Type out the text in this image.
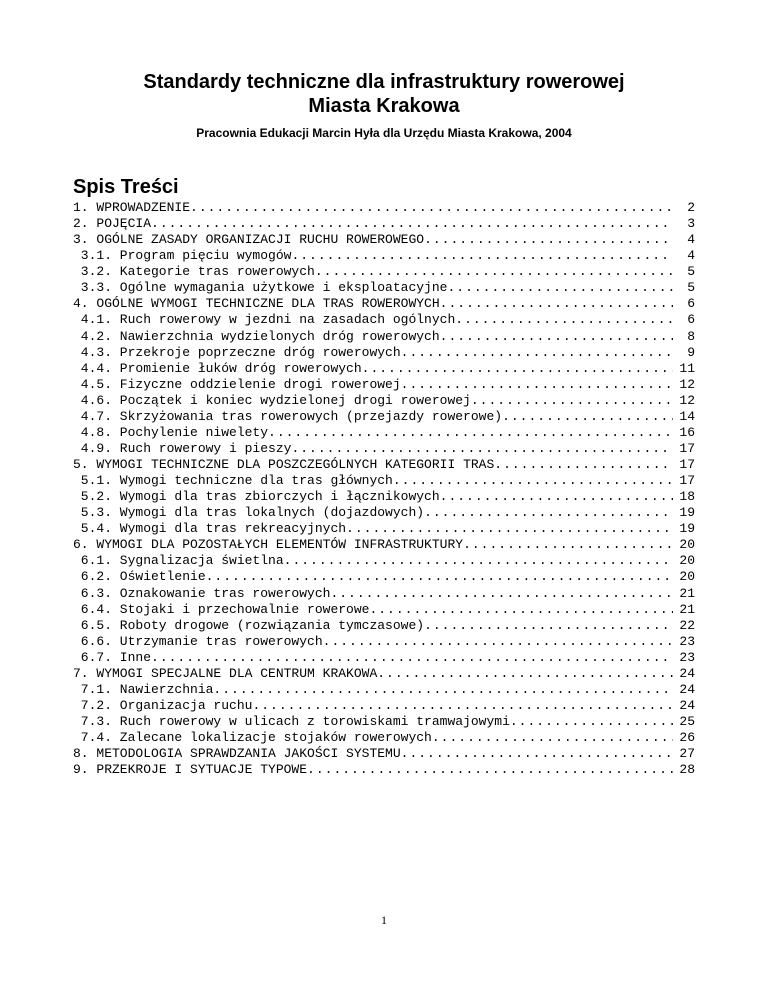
Standardy techniczne dla infrastruktury rowerowej
Miasta Krakowa

Pracownia Edukacji Marcin Hyła dla Urzędu Miasta Krakowa, 2004

Spis Treści
1. WPROWADZENIE .....	2
2. POJĘCIA .....	3
3. OGÓLNE ZASADY ORGANIZACJI RUCHU ROWEROWEGO .....	4
3.1. Program pięciu wymogów .....	4
3.2. Kategorie tras rowerowych .....	5
3.3. Ogólne wymagania użytkowe i eksploatacyjne .....	5
4. OGÓLNE WYMOGI TECHNICZNE DLA TRAS ROWEROWYCH .....	6
4.1. Ruch rowerowy w jezdni na zasadach ogólnych .....	6
4.2. Nawierzchnia wydzielonych dróg rowerowych .....	8
4.3. Przekroje poprzeczne dróg rowerowych .....	9
4.4. Promienie łuków dróg rowerowych .....	11
4.5. Fizyczne oddzielenie drogi rowerowej .....	12
4.6. Początek i koniec wydzielonej drogi rowerowej .....	12
4.7. Skrzyżowania tras rowerowych (przejazdy rowerowe) .....	14
4.8. Pochylenie niwelety .....	16
4.9. Ruch rowerowy i pieszy .....	17
5. WYMOGI TECHNICZNE DLA POSZCZEGÓLNYCH KATEGORII TRAS .....	17
5.1. Wymogi techniczne dla tras głównych .....	17
5.2. Wymogi dla tras zbiorczych i łącznikowych .....	18
5.3. Wymogi dla tras lokalnych (dojazdowych) .....	19
5.4. Wymogi dla tras rekreacyjnych .....	19
6. WYMOGI DLA POZOSTAŁYCH ELEMENTÓW INFRASTRUKTURY .....	20
6.1. Sygnalizacja świetlna .....	20
6.2. Oświetlenie .....	20
6.3. Oznakowanie tras rowerowych .....	21
6.4. Stojaki i przechowalnie rowerowe .....	21
6.5. Roboty drogowe (rozwiązania tymczasowe) .....	22
6.6. Utrzymanie tras rowerowych .....	23
6.7. Inne .....	23
7. WYMOGI SPECJALNE DLA CENTRUM KRAKOWA .....	24
7.1. Nawierzchnia .....	24
7.2. Organizacja ruchu .....	24
7.3. Ruch rowerowy w ulicach z torowiskami tramwajowymi .....	25
7.4. Zalecane lokalizacje stojaków rowerowych .....	26
8. METODOLOGIA SPRAWDZANIA JAKOŚCI SYSTEMU .....	27
9. PRZEKROJE I SYTUACJE TYPOWE .....	28

1
